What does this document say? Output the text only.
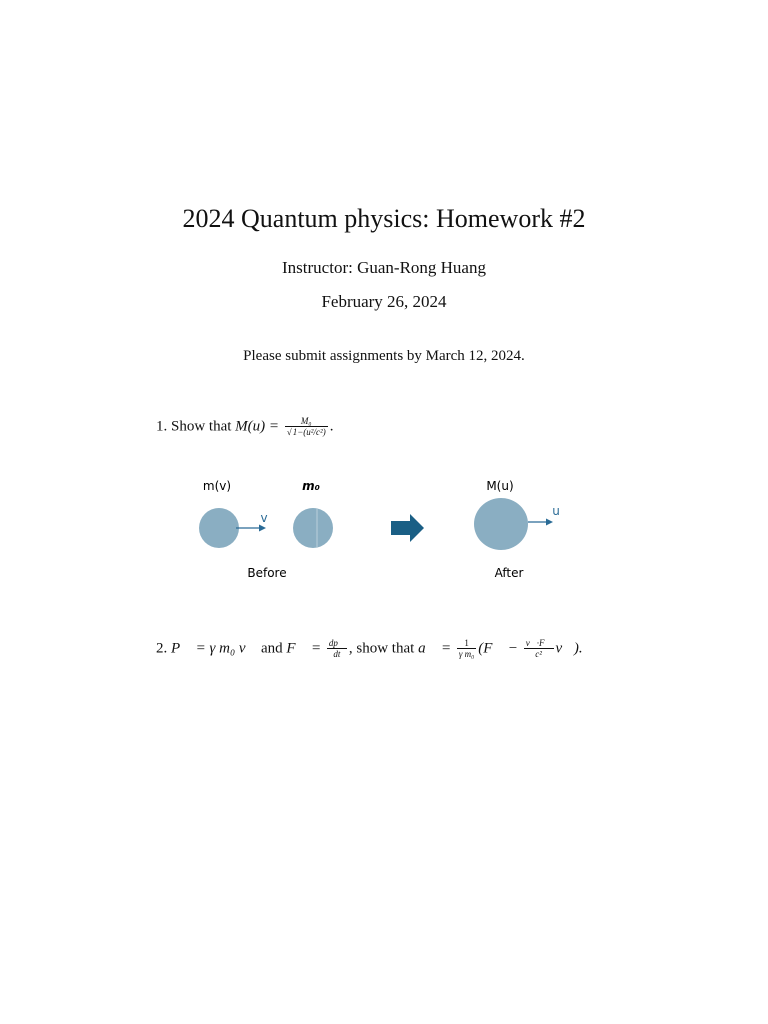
2024 Quantum physics: Homework #2
Instructor: Guan-Rong Huang
February 26, 2024
Please submit assignments by March 12, 2024.
1. Show that $M(u) = \frac{\text{M₀}}{\text{√1−(u²/c²)}}$ .
m(v)	m₀	M(u)
v	u
Before	After
2. P⃗ = γ m₀ v⃗ and F⃗ = $\frac{dp⃗}{dt}$ , show that a⃗ = $\frac{1}{\text{γ m₀}}$ (F⃗ − $\frac{v⃗\cdot F⃗}{\text{c²}}$ v⃗).
